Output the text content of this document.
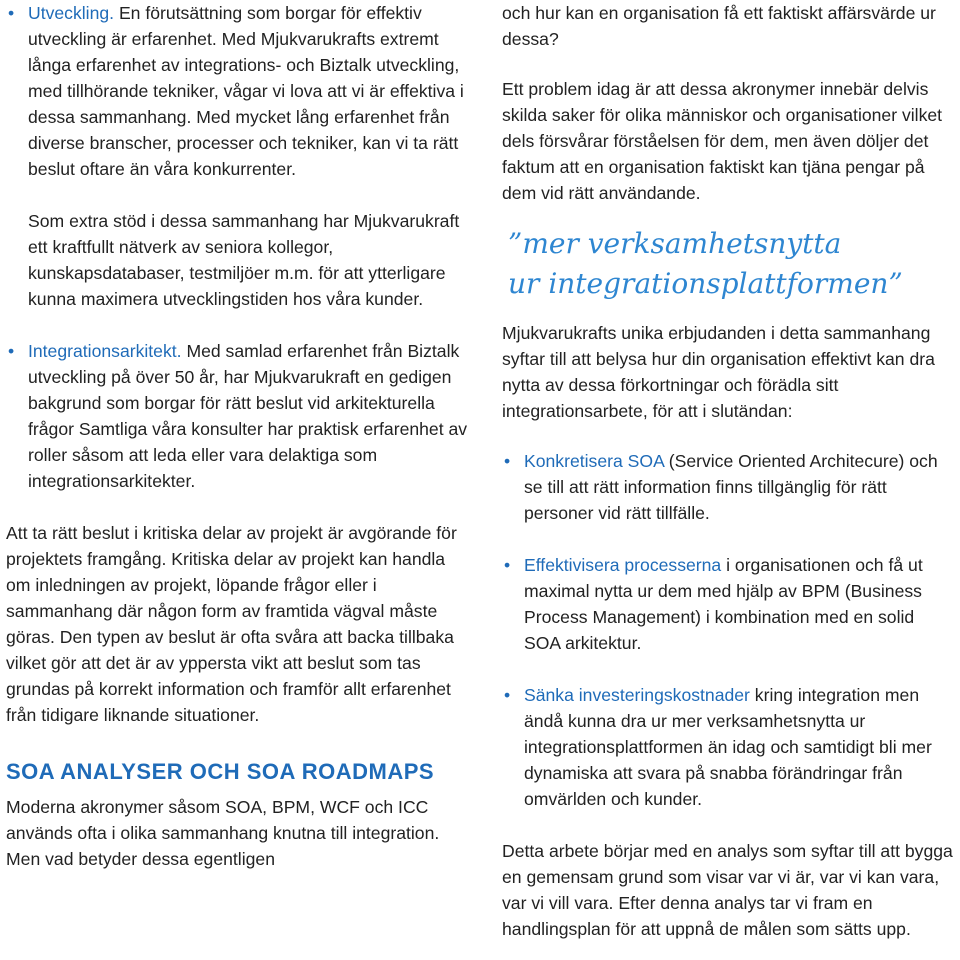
• Utveckling. En förutsättning som borgar för effektiv utveckling är erfarenhet. Med Mjukvarukrafts extremt långa erfarenhet av integrations- och Biztalk utveckling, med tillhörande tekniker, vågar vi lova att vi är effektiva i dessa sammanhang. Med mycket lång erfarenhet från diverse branscher, processer och tekniker, kan vi ta rätt beslut oftare än våra konkurrenter.

Som extra stöd i dessa sammanhang har Mjukvarukraft ett kraftfullt nätverk av seniora kollegor, kunskapsdatabaser, testmiljöer m.m. för att ytterligare kunna maximera utvecklingstiden hos våra kunder.

• Integrationsarkitekt. Med samlad erfarenhet från Biztalk utveckling på över 50 år, har Mjukvarukraft en gedigen bakgrund som borgar för rätt beslut vid arkitekturella frågor Samtliga våra konsulter har praktisk erfarenhet av roller såsom att leda eller vara delaktiga som integrationsarkitekter.

Att ta rätt beslut i kritiska delar av projekt är avgörande för projektets framgång. Kritiska delar av projekt kan handla om inledningen av projekt, löpande frågor eller i sammanhang där någon form av framtida vägval måste göras. Den typen av beslut är ofta svåra att backa tillbaka vilket gör att det är av yppersta vikt att beslut som tas grundas på korrekt information och framför allt erfarenhet från tidigare liknande situationer.

SOA ANALYSER OCH SOA ROADMAPS

Moderna akronymer såsom SOA, BPM, WCF och ICC används ofta i olika sammanhang knutna till integration. Men vad betyder dessa egentligen

och hur kan en organisation få ett faktiskt affärsvärde ur dessa?

Ett problem idag är att dessa akronymer innebär delvis skilda saker för olika människor och organisationer vilket dels försvårar förståelsen för dem, men även döljer det faktum att en organisation faktiskt kan tjäna pengar på dem vid rätt användande.

”mer verksamhetsnytta
ur integrationsplattformen”

Mjukvarukrafts unika erbjudanden i detta sammanhang syftar till att belysa hur din organisation effektivt kan dra nytta av dessa förkortningar och förädla sitt integrationsarbete, för att i slutändan:

• Konkretisera SOA (Service Oriented Architecure) och se till att rätt information finns tillgänglig för rätt personer vid rätt tillfälle.
• Effektivisera processerna i organisationen och få ut maximal nytta ur dem med hjälp av BPM (Business Process Management) i kombination med en solid SOA arkitektur.
• Sänka investeringskostnader kring integration men ändå kunna dra ur mer verksamhetsnytta ur integrationsplattformen än idag och samtidigt bli mer dynamiska att svara på snabba förändringar från omvärlden och kunder.

Detta arbete börjar med en analys som syftar till att bygga en gemensam grund som visar var vi är, var vi kan vara, var vi vill vara. Efter denna analys tar vi fram en handlingsplan för att uppnå de målen som sätts upp.
